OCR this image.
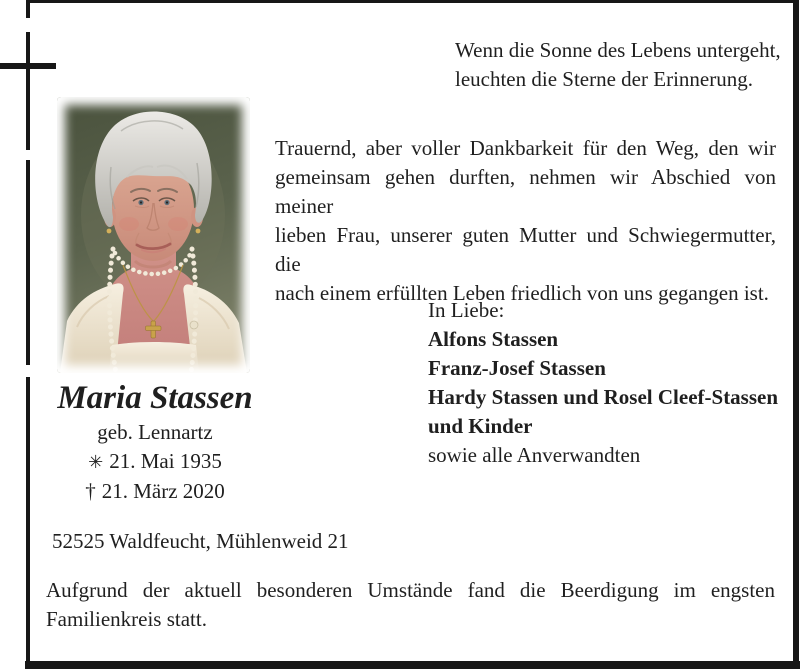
Wenn die Sonne des Lebens untergeht,
leuchten die Sterne der Erinnerung.
Trauernd, aber voller Dankbarkeit für den Weg, den wir
gemeinsam gehen durften, nehmen wir Abschied von meiner
lieben Frau, unserer guten Mutter und Schwiegermutter, die
nach einem erfüllten Leben friedlich von uns gegangen ist.
In Liebe:
Alfons Stassen
Franz-Josef Stassen
Hardy Stassen und Rosel Cleef-Stassen
und Kinder
sowie alle Anverwandten
Maria Stassen
geb. Lennartz
✳ 21. Mai 1935
† 21. März 2020
52525 Waldfeucht, Mühlenweid 21
Aufgrund der aktuell besonderen Umstände fand die Beerdigung im engsten
Familienkreis statt.
